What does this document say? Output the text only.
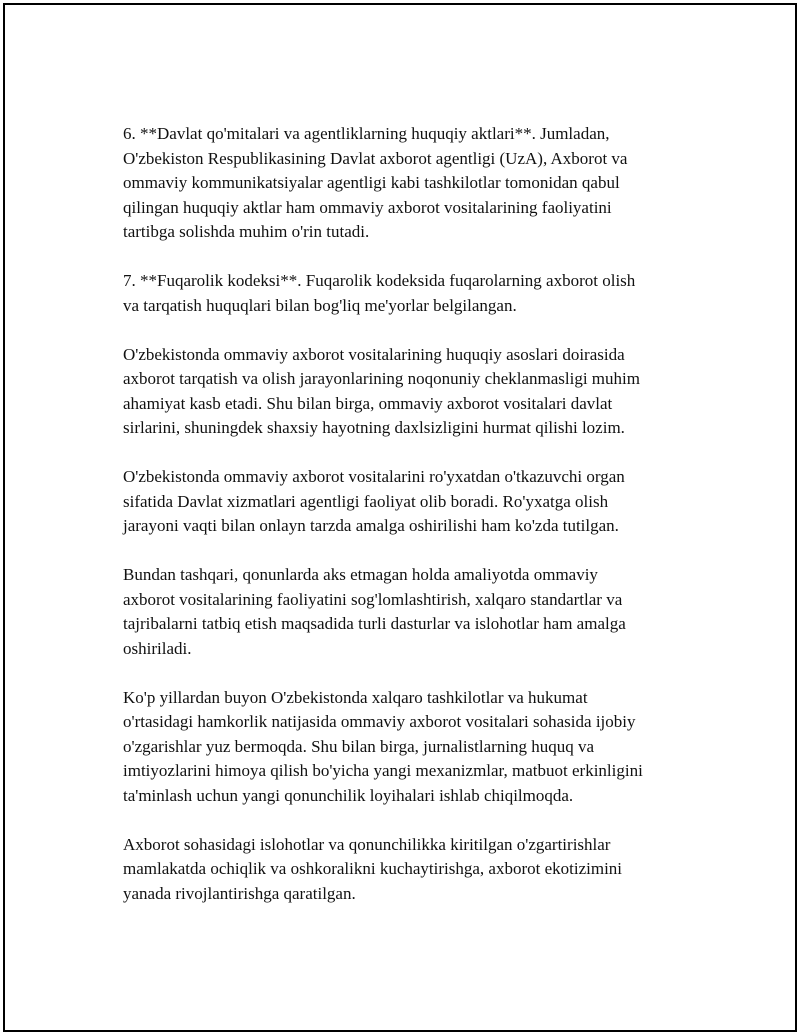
6. **Davlat qo'mitalari va agentliklarning huquqiy aktlari**. Jumladan,
O'zbekiston Respublikasining Davlat axborot agentligi (UzA), Axborot va
ommaviy kommunikatsiyalar agentligi kabi tashkilotlar tomonidan qabul
qilingan huquqiy aktlar ham ommaviy axborot vositalarining faoliyatini
tartibga solishda muhim o'rin tutadi.

7. **Fuqarolik kodeksi**. Fuqarolik kodeksida fuqarolarning axborot olish
va tarqatish huquqlari bilan bog'liq me'yorlar belgilangan.

O'zbekistonda ommaviy axborot vositalarining huquqiy asoslari doirasida
axborot tarqatish va olish jarayonlarining noqonuniy cheklanmasligi muhim
ahamiyat kasb etadi. Shu bilan birga, ommaviy axborot vositalari davlat
sirlarini, shuningdek shaxsiy hayotning daxlsizligini hurmat qilishi lozim.

O'zbekistonda ommaviy axborot vositalarini ro'yxatdan o'tkazuvchi organ
sifatida Davlat xizmatlari agentligi faoliyat olib boradi. Ro'yxatga olish
jarayoni vaqti bilan onlayn tarzda amalga oshirilishi ham ko'zda tutilgan.

Bundan tashqari, qonunlarda aks etmagan holda amaliyotda ommaviy
axborot vositalarining faoliyatini sog'lomlashtirish, xalqaro standartlar va
tajribalarni tatbiq etish maqsadida turli dasturlar va islohotlar ham amalga
oshiriladi.

Ko'p yillardan buyon O'zbekistonda xalqaro tashkilotlar va hukumat
o'rtasidagi hamkorlik natijasida ommaviy axborot vositalari sohasida ijobiy
o'zgarishlar yuz bermoqda. Shu bilan birga, jurnalistlarning huquq va
imtiyozlarini himoya qilish bo'yicha yangi mexanizmlar, matbuot erkinligini
ta'minlash uchun yangi qonunchilik loyihalari ishlab chiqilmoqda.

Axborot sohasidagi islohotlar va qonunchilikka kiritilgan o'zgartirishlar
mamlakatda ochiqlik va oshkoralikni kuchaytirishga, axborot ekotizimini
yanada rivojlantirishga qaratilgan.
